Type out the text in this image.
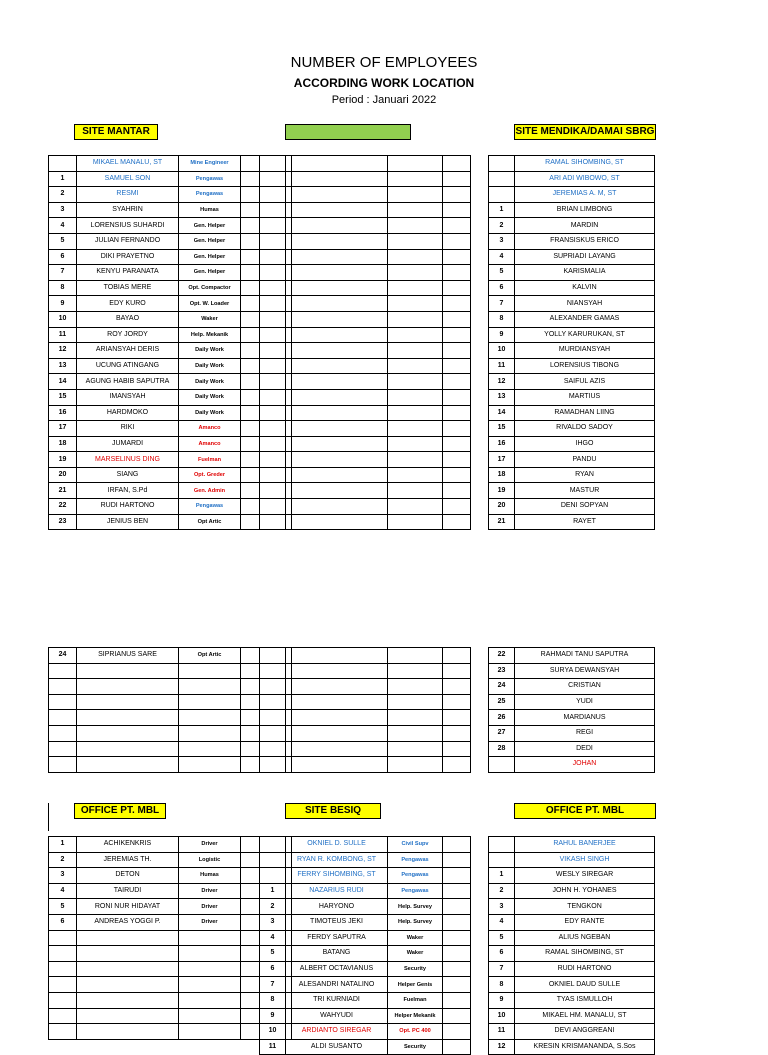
NUMBER OF EMPLOYEES
ACCORDING WORK LOCATION
Period : Januari 2022
SITE MANTAR	SITE MENDIKA/DAMAI SBRG
OFFICE PT. MBL	SITE BESIQ	OFFICE PT. MBL
	MIKAEL MANALU, ST	Mine Engineer	
1	SAMUEL SON	Pengawas	
2	RESMI	Pengawas	
3	SYAHRIN	Humas	
4	LORENSIUS SUHARDI	Gen. Helper	
5	JULIAN FERNANDO	Gen. Helper	
6	DIKI PRAYETNO	Gen. Helper	
7	KENYU PARANATA	Gen. Helper	
8	TOBIAS MERE	Opt. Compactor	
9	EDY KURO	Opt. W. Loader	
10	BAYAO	Waker	
11	ROY JORDY	Help. Mekanik	
12	ARIANSYAH DERIS	Daily Work	
13	UCUNG ATINGANG	Daily Work	
14	AGUNG HABIB SAPUTRA	Daily Work	
15	IMANSYAH	Daily Work	
16	HARDMOKO	Daily Work	
17	RIKI	Amanco	
18	JUMARDI	Amanco	
19	MARSELINUS DING	Fuelman	
20	SIANG	Opt. Greder	
21	IRFAN, S.Pd	Gen. Admin	
22	RUDI HARTONO	Pengawas	
23	JENIUS BEN	Opt Artic	

	RAMAL SIHOMBING, ST
	ARI ADI WIBOWO, ST
	JEREMIAS A. M, ST
1	BRIAN LIMBONG
2	MARDIN
3	FRANSISKUS ERICO
4	SUPRIADI LAYANG
5	KARISMALIA
6	KALVIN
7	NIANSYAH
8	ALEXANDER GAMAS
9	YOLLY KARURUKAN, ST
10	MURDIANSYAH
11	LORENSIUS TIBONG
12	SAIFUL AZIS
13	MARTIUS
14	RAMADHAN LIING
15	RIVALDO SADOY
16	IHGO
17	PANDU
18	RYAN
19	MASTUR
20	DENI SOPYAN
21	RAYET
24	SIPRIANUS SARE	Opt Artic	

				22	RAHMADI TANU SAPUTRA
23	SURYA DEWANSYAH
24	CRISTIAN
25	YUDI
26	MARDIANUS
27	REGI
28	DEDI
	JOHAN
1	ACHIKENKRIS	Driver	
2	JEREMIAS TH.	Logistic	
3	DETON	Humas	
4	TAIRUDI	Driver	
5	RONI NUR HIDAYAT	Driver	
6	ANDREAS YOGGI P.	Driver	

	OKNIEL D. SULLE	Civil Supv	
	RYAN R. KOMBONG, ST	Pengawas	
	FERRY SIHOMBING, ST	Pengawas	
1	NAZARIUS RUDI	Pengawas	
2	HARYONO	Help. Survey	
3	TIMOTEUS JEKI	Help. Survey	
4	FERDY SAPUTRA	Waker	
5	BATANG	Waker	
6	ALBERT OCTAVIANUS	Security	
7	ALESANDRI NATALINO	Helper Genis	
8	TRI KURNIADI	Fuelman	
9	WAHYUDI	Helper Mekanik	
10	ARDIANTO SIREGAR	Opt. PC 400	
11	ALDI SUSANTO	Security	
	RAHUL BANERJEE
	VIKASH SINGH
1	WESLY SIREGAR
2	JOHN H. YOHANES
3	TENGKON
4	EDY RANTE
5	ALIUS NGEBAN
6	RAMAL SIHOMBING, ST
7	RUDI HARTONO
8	OKNIEL DAUD SULLE
9	TYAS ISMULLOH
10	MIKAEL HM. MANALU, ST
11	DEVI ANGGREANI
12	KRESIN KRISMANANDA, S.Sos
